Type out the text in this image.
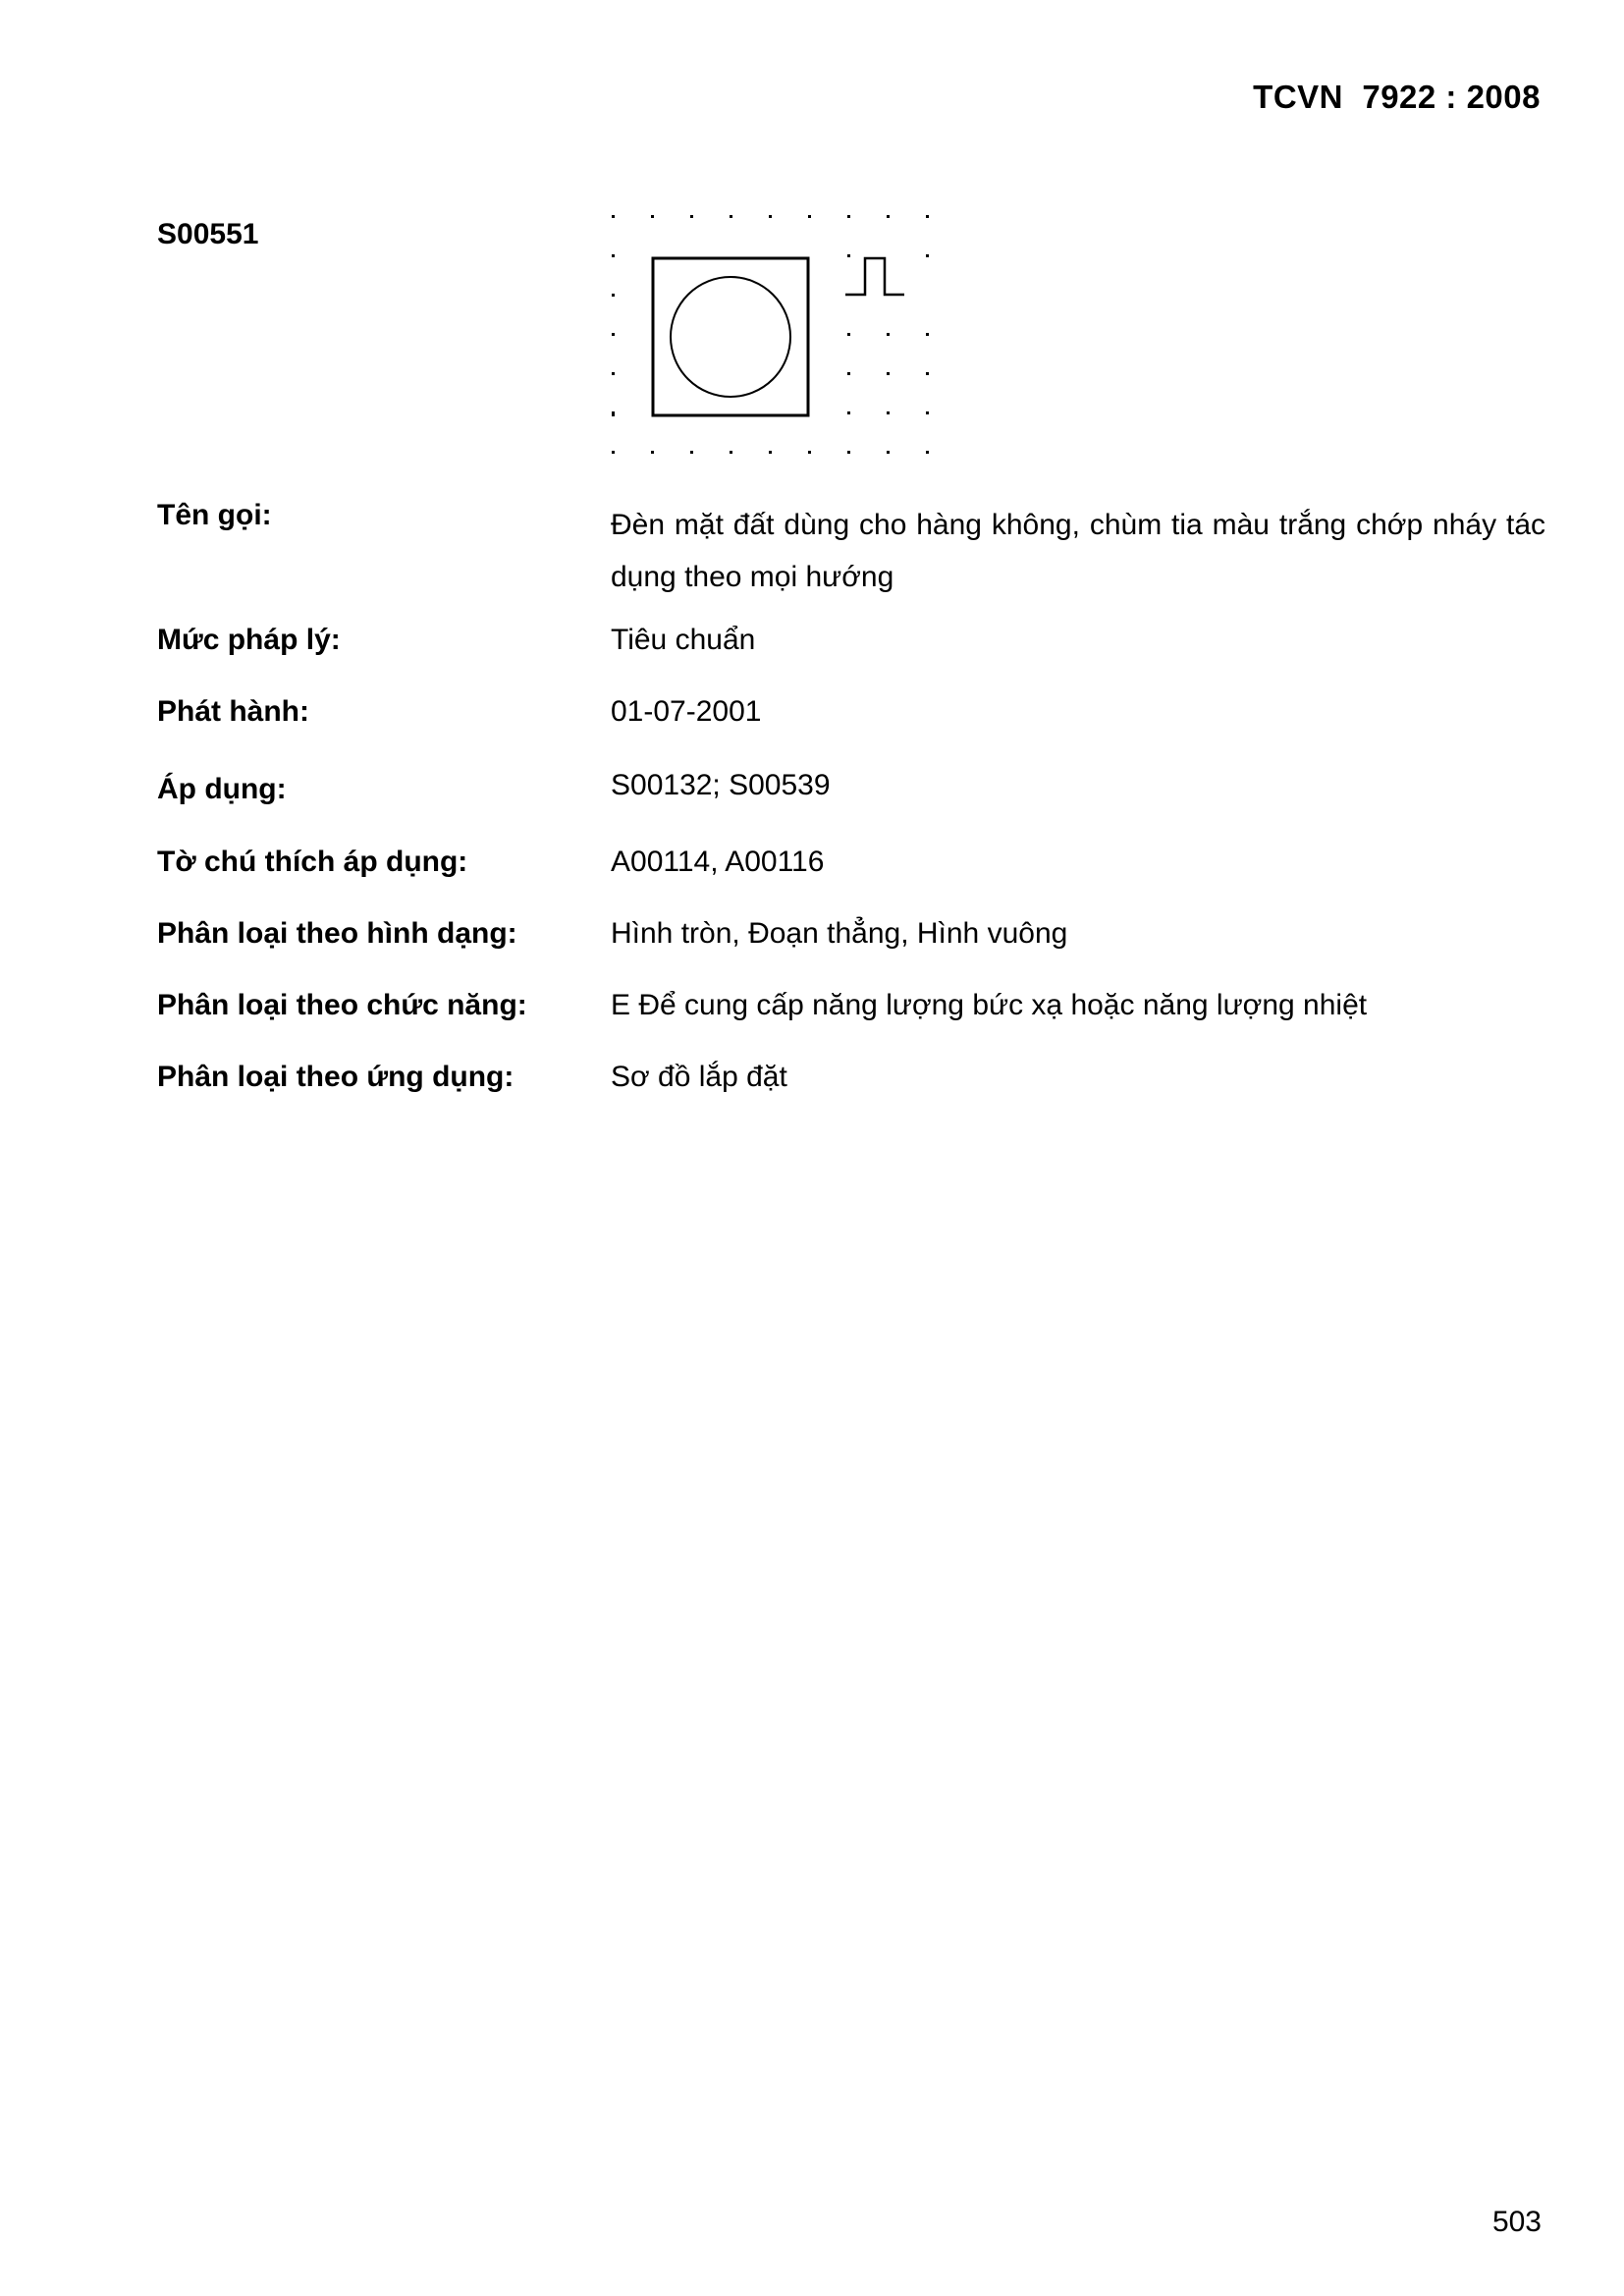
TCVN  7922 : 2008
S00551
Tên gọi:	Đèn mặt đất dùng cho hàng không, chùm tia màu trắng chớp nháy tác dụng theo mọi hướng
Mức pháp lý:	Tiêu chuẩn
Phát hành:	01-07-2001
Áp dụng:	S00132; S00539
Tờ chú thích áp dụng:	A00114, A00116
Phân loại theo hình dạng:	Hình tròn, Đoạn thẳng, Hình vuông
Phân loại theo chức năng:	E Để cung cấp năng lượng bức xạ hoặc năng lượng nhiệt
Phân loại theo ứng dụng:	Sơ đồ lắp đặt
503
